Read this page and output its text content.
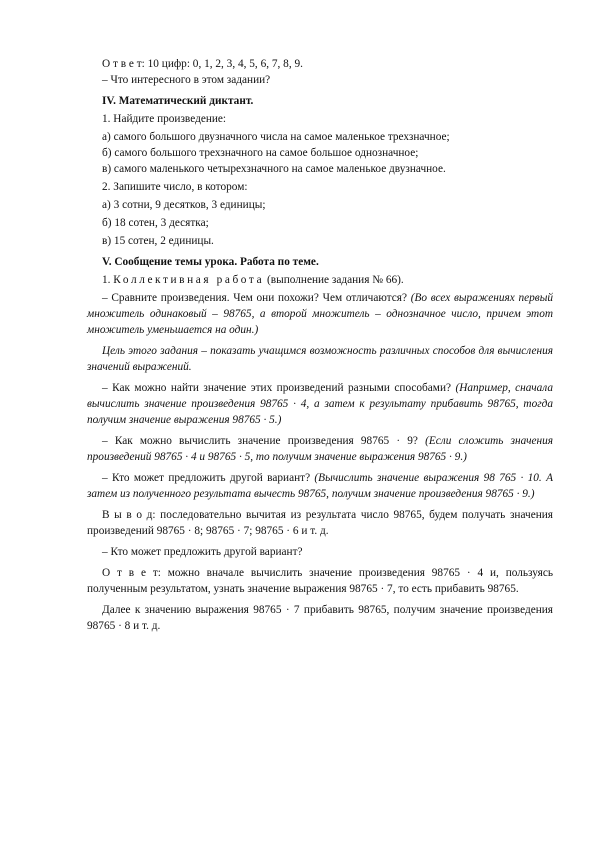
О т в е т: 10 цифр: 0, 1, 2, 3, 4, 5, 6, 7, 8, 9.

– Что интересного в этом задании?

IV. Математический диктант.

1. Найдите произведение:

а) самого большого двузначного числа на самое маленькое трехзначное;

б) самого большого трехзначного на самое большое однозначное;

в) самого маленького четырехзначного на самое маленькое двузначное.

2. Запишите число, в котором:

а) 3 сотни, 9 десятков, 3 единицы;

б) 18 сотен, 3 десятка;

в) 15 сотен, 2 единицы.

V. Сообщение темы урока. Работа по теме.

1. Коллективная работа (выполнение задания № 66).

– Сравните произведения. Чем они похожи? Чем отличаются? (Во всех выражениях первый множитель одинаковый – 98765, а второй множитель – однозначное число, причем этот множитель уменьшается на один.)

Цель этого задания – показать учащимся возможность различных способов для вычисления значений выражений.

– Как можно найти значение этих произведений разными способами? (Например, сначала вычислить значение произведения 98765 · 4, а затем к результату прибавить 98765, тогда получим значение выражения 98765 · 5.)

– Как можно вычислить значение произведения 98765 · 9? (Если сложить значения произведений 98765 · 4 и 98765 · 5, то получим значение выражения 98765 · 9.)

– Кто может предложить другой вариант? (Вычислить значение выражения 98 765 · 10. А затем из полученного результата вычесть 98765, получим значение произведения 98765 · 9.)

В ы в о д: последовательно вычитая из результата число 98765, будем получать значения произведений 98765 · 8; 98765 · 7; 98765 · 6 и т. д.

– Кто может предложить другой вариант?

О т в е т: можно вначале вычислить значение произведения 98765 · 4 и, пользуясь полученным результатом, узнать значение выражения 98765 · 7, то есть прибавить 98765.

Далее к значению выражения 98765 · 7 прибавить 98765, получим значение произведения 98765 · 8 и т. д.
